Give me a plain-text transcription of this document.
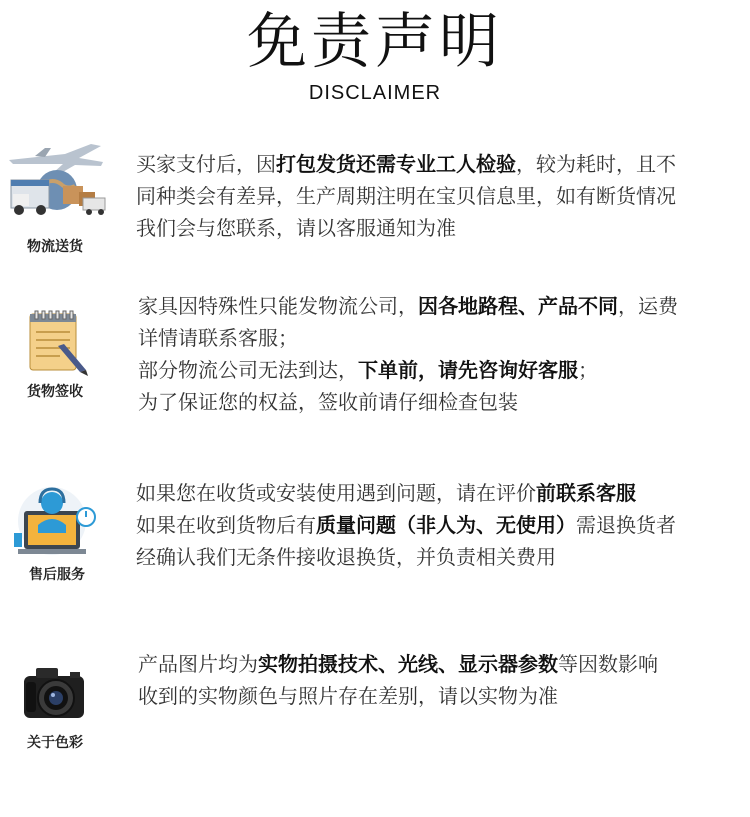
免责声明
DISCLAIMER
物流送货
买家支付后，因打包发货还需专业工人检验，较为耗时，且不
同种类会有差异，生产周期注明在宝贝信息里，如有断货情况
我们会与您联系，请以客服通知为准
货物签收
家具因特殊性只能发物流公司，因各地路程、产品不同，运费
详情请联系客服；
部分物流公司无法到达，下单前，请先咨询好客服；
为了保证您的权益，签收前请仔细检查包装
售后服务
如果您在收货或安装使用遇到问题，请在评价前联系客服
如果在收到货物后有质量问题（非人为、无使用）需退换货者
经确认我们无条件接收退换货，并负责相关费用
关于色彩
产品图片均为实物拍摄技术、光线、显示器参数等因数影响
收到的实物颜色与照片存在差别，请以实物为准
